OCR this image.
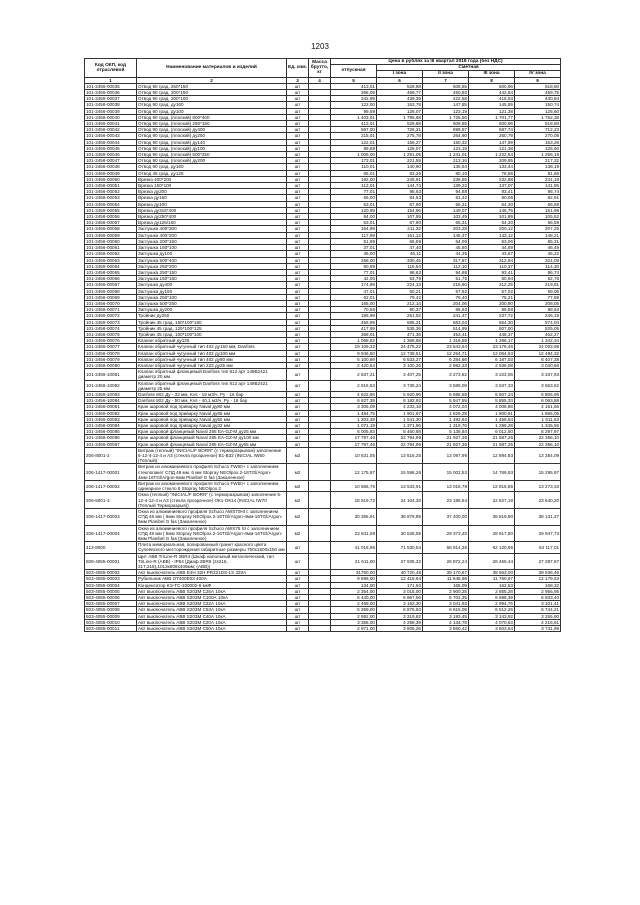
1203
Код ОКП, код отраслевой	Наименование материалов и изделий	Ед. изм.	Масса брутто, кг	Цена в рублях за III квартал 2018 года (без НДС)				
				отпускная	Сметная			
					I зона	II зона	III зона	IV зона
1	2	3	4	5	6	7	8	9
101-2456-00035	Отвод 90 град. 250*150	шт		413,01	528,88	508,65	500,96	518,80
101-2456-00036	Отвод 90 град. 200*150	шт		366,09	468,77	450,93	442,84	459,75
101-2456-00037	Отвод 90 град. 200*100	шт		342,99	439,39	422,58	416,63	430,84
101-2456-00038	Отвод 90 град. ду160	шт		122,00	153,78	147,85	145,55	150,74
101-2456-00039	Отвод 90 град. ду100	шт		99,59	128,07	123,19	121,38	125,60
101-2456-00040	Отвод 90 град. (плоский) 800*400	шт		1 403,01	1 795,68	1 725,56	1 701,77	1 762,38
101-2456-00041	Отвод 90 град. (плоский) 250*150	шт		413,01	528,88	508,65	500,96	518,80
101-2456-00042	Отвод 90 град. (плоский) ду400	шт		567,00	726,21	698,57	687,74	712,23
101-2456-00043	Отвод 90 град. (плоский) ду250	шт		215,01	275,78	264,90	260,79	270,08
101-2456-00044	Отвод 90 град. (плоский) ду140	шт		122,01	156,27	150,32	147,99	153,26
101-2456-00045	Отвод 90 град. (плоский) ду100	шт		99,59	128,07	123,19	121,38	125,60
101-2456-00046	Отвод 90 град. (плоский) 500*250	шт		1 006,00	1 291,05	1 241,01	1 222,64	1 266,19
101-2456-00047	Отвод 90 град. (плоский) ду200	шт		173,01	221,59	213,16	209,85	217,32
101-2456-00048	Отвод 90 град. ду160	шт		110,01	140,90	135,54	133,44	138,19
101-2456-00049	Отвод 45 град. ду125	шт		65,01	83,26	80,10	78,85	81,66
101-2456-00050	Врезка 400*200	шт		192,00	245,91	236,55	232,88	241,18
101-2456-00051	Врезка 150*100	шт		113,01	144,74	139,23	137,07	141,95
101-2456-00052	Врезка ду200	шт		77,01	98,63	94,88	93,41	96,74
101-2456-00053	Врезка ду160	шт		66,00	84,53	81,32	80,06	82,91
101-2456-00054	Врезка ду100	шт		53,01	67,90	65,31	64,30	66,59
101-2456-00055	Врезка ду315*400	шт		120,99	154,96	149,07	146,75	151,98
101-2456-00056	Врезка ду250*400	шт		84,00	107,59	103,49	101,89	105,52
101-2456-00057	Врезка ду125/160	шт		53,01	67,90	65,31	64,30	66,59
101-2456-00058	Заглушка 400*300	шт		164,99	211,32	203,28	200,12	207,25
101-2456-00059	Заглушка 400*200	шт		117,99	151,12	145,37	143,12	148,21
101-2456-00060	Заглушка 200*150	шт		51,99	66,59	64,06	63,06	65,31
101-2456-00061	Заглушка 150*100	шт		37,01	47,40	45,60	44,89	46,49
101-2456-00062	Заглушка ду100	шт		36,00	46,11	44,35	43,67	45,22
101-2456-00063	Заглушка 500*400	шт		258,00	330,45	317,87	312,94	324,08
101-2456-00064	Заглушка 250*200	шт		90,99	116,54	112,10	110,37	114,30
101-2456-00065	Заглушка 250*150	шт		77,01	98,63	94,88	93,41	96,74
101-2456-00066	Заглушка 150*150	шт		42,00	53,79	51,75	50,94	52,76
101-2456-00067	Заглушка ду400	шт		174,99	224,13	215,60	212,25	219,81
101-2456-00068	Заглушка ду160	шт		47,01	60,21	57,92	57,02	59,05
101-2456-00069	Заглушка 250*100	шт		62,01	79,42	76,40	75,21	77,89
101-2456-00070	Заглушка 500*250	шт		165,00	212,14	204,06	200,90	208,05
101-2456-00071	Заглушка ду200	шт		70,56	90,37	86,93	85,58	88,63
101-2456-00072	Тройник ду250	шт		195,99	251,02	241,47	237,72	246,19
101-2456-00073	Тройник 45 град. 160*100*160	шт		456,99	585,31	563,04	554,30	574,04
101-2456-00074	Тройник 45 град. 125*100*125	шт		417,99	535,36	514,99	507,00	525,05
101-2456-00075	Тройник 45 град. 100*100*100	шт		368,01	471,35	453,41	446,37	462,27
101-2456-00076	Клапан обратный ду125	шт		1 068,62	1 368,68	1 316,59	1 296,17	1 342,34
101-2456-00077	Клапан обратный чугунный тип 402 ду150 мм, Danfoss	шт		19 109,32	24 475,22	23 543,64	23 178,46	24 003,98
101-2456-00078	Клапан обратный чугунный тип 402 ду100 мм	шт		9 946,50	12 739,51	12 254,71	12 064,63	12 494,32
101-2456-00079	Клапан обратный чугунный тип 402 ду80 мм	шт		5 100,89	6 533,27	6 284,66	6 187,03	6 407,38
101-2456-00080	Клапан обратный чугунный тип 223 ду25 мм	шт		2 420,54	3 100,26	2 982,33	2 936,08	3 040,66
101-2456-10081	Клапан обратный фланцевый Danfoss тип 812 арт 149В2421 диаметр 20 мм	шт		2 637,21	3 407,25	3 273,62	3 223,06	3 337,93
101-2456-10082	Клапан обратный фланцевый Danfoss тип 812 арт 149В2421 диаметр 25 мм	шт		2 916,53	3 735,24	3 589,08	3 537,33	3 663,62
101-2456-10083	Danfoss 802 Ду - 32 мм, Kvs - 19 м3/ч, Ру - 16 бар	шт		4 622,86	5 920,96	5 695,59	5 607,24	5 806,95
101-2456-10084	Danfoss 802 Ду - 50 мм, Kvs - 40,1 м3/ч, Ру - 16 бар	шт		6 627,39	8 182,92	5 947,59	5 855,33	6 063,88
101-2456-00081	Кран шаровой под приварку Naval ду80 мм	шт		3 305,09	4 233,18	4 072,04	4 008,88	4 151,66
101-2456-00082	Кран шаровой под приварку Naval ду65 мм	шт		1 484,75	1 901,67	1 829,28	1 800,91	1 865,05
101-2456-00083	Кран шаровой под приварку Naval ду50 мм	шт		1 203,39	1 541,30	1 482,64	1 459,64	1 511,63
101-2456-00084	Кран шаровой под приварку Naval ду32 мм	шт		1 071,19	1 371,96	1 319,76	1 299,28	1 345,56
101-2456-00085	Кран шаровой фланцевый Naval 285 EA-GZ-М ду25 мм	шт		6 005,93	8 460,88	5 138,84	6 012,50	6 297,97
101-2456-00086	Кран шаровой фланцевый Naval 285 EA-GZ-М ду100 мм	шт		17 797,46	22 794,99	21 927,36	21 587,25	22 356,10
101-2456-00087	Кран шаровой фланцевый Naval 285 EA-GZ-М ду65 мм	шт		17 797,46	22 794,99	21 927,36	21 587,25	22 356,10
206-8001-2	Витраж (теплый) "INICIAL/F BORR" (с терморазрывом) заполнение 6-12-4-12-4 и A3 (стекла прозрачное) В1-В32 (INICIAL IW60 (Теплый)	м2		10 631,05	13 616,25	13 097,99	12 894,83	13 354,09
206-1417-00001	Витраж из алюминиевого профиля Schuco FW50+ с заполнением стеклопакет СПД 48 мм. 6 мм Stopray NEOlpox.2-16TGl/Argon-4мм-16TGl/Argon-6мм Planibel G fas (Закаленное)	м2		12 175,97	15 598,26	15 002,53	14 769,93	15 295,97
206-1417-00002	Витраж из алюминиевого профиля Schuco FW50+ с заполнением одинарное стекло 8 Stopray NEOlpox.2	м2		10 566,76	13 533,91	13 018,78	12 816,85	13 273,33
206-8001-3	Окна (теплый) "INICIAL/F BORR" (с терморазрывом) заполнение 6-12-4-12-4 и A3 (стекла прозрачное) ОК1-ОК14 (INICIAL IW70 (Теплый Терморазрыв))	м2		18 819,72	24 104,30	23 186,64	22 827,19	23 640,20
206-1417-00003	Окна из алюминиевого профиля Schuco AWS70HI с заполнением СПД 48 мм ( 6мм Stopray NEOlpox.2-16TGl/Argon-4мм-16TGl/Argon-6мм Planibel G fas (Закаленное)	м2		30 355,91	38 879,85	37 400,00	36 819,90	38 131,27
206-1417-00004	Окна из алюминиевого профиля Schuco AWS75 SI с заполнением СПД 48 мм ( 6мм Stopray NEOlpox.2-16TGl/Argon-4мм-16TGl/Argon-6мм Planibel G fas (Закаленное)	м2		23 841,08	30 535,55	29 373,40	28 917,80	29 947,73
412-8000	Плита мемориальная, полированный гранит красного цвета Сулеевского месторождения габаритные размеры 750х1600х150 мм	шт		41 016,95	71 530,54	68 914,36	62 120,86	64 117,01
508-4055-00001	Щит ABB TriLine-R 2BR4 (Шкаф напольный металлический, тип TriLine-R (ABB) - IP54 (Диаф 2BR8 (zs216, 217,218),1013x808x405мм; (ABB))	шт		21 611,00	27 935,32	26 872,24	26 455,44	27 397,67
503-4055-00002	Авт выключатель ABB Е4Н 32Н PR221DS-LS 320А	шт		31760,00	40 720,48	39 170,67	38 563,00	39 936,46
503-4055-00003	Рубильник ABB OT400E03 400А	шт		9 696,00	12 418,64	11 945,98	11 760,67	12 179,53
503-4055-00004	Конденсатор КЭ-ТС-100002-6 мкФ	шт		134,00	171,63	165,09	162,53	168,32
503-4055-00005	Авт выключатель ABB S203M C25А 10кА	шт		2 354,00	3 015,00	2 900,25	2 855,26	2 956,95
503-4055-00006	Авт выключатель ABB S203M C100А 10кА	шт		5 440,00	6 967,56	6 702,35	6 598,39	6 833,40
503-4055-00007	Авт выключатель ABB S203M C32А 10кА	шт		2 469,00	3 162,30	3 041,93	2 994,75	3 101,41
503-4055-00008	Авт выключатель ABB S203M C63А 10кА	шт		5 369,00	6 876,63	6 615,08	6 512,26	6 744,21
503-4055-00009	Авт выключатель ABB S203M C40А 10кА	шт		2 592,00	3 319,82	3 193,45	3 143,92	3 255,90
503-4055-00010	Авт выключатель ABB S203M C20А 10кА	шт		3 356,00	4 298,39	4 134,78	4 070,63	4 215,61
503-4055-00011	Авт выключатель ABB S203M C50А 10кА	шт		2 971,00	3 805,26	3 660,42	3 603,64	3 731,99
